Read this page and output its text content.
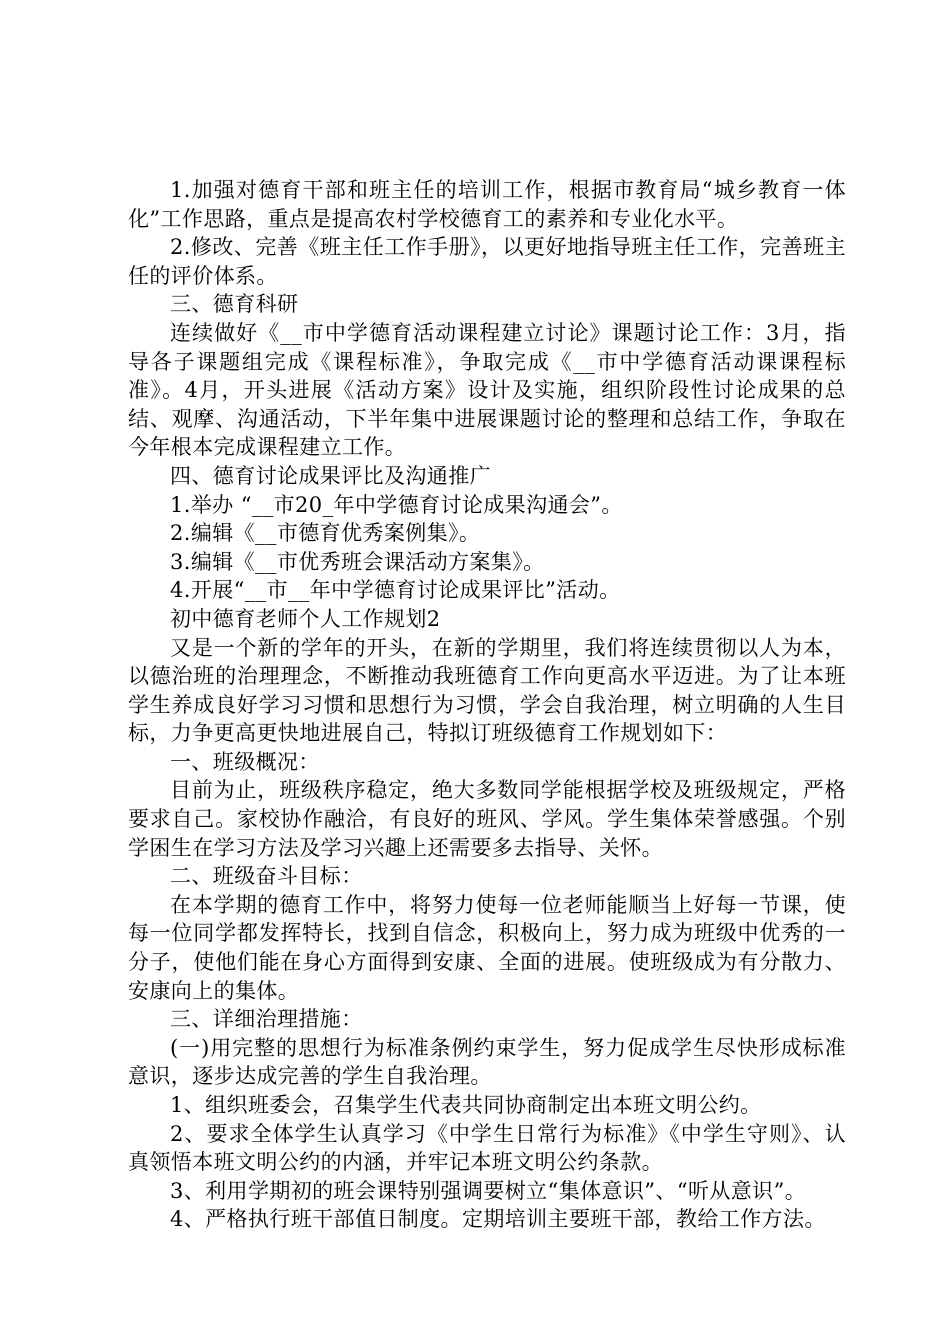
1.加强对德育干部和班主任的培训工作，根据市教育局“城乡教育一体化”工作思路，重点是提高农村学校德育工的素养和专业化水平。

2.修改、完善《班主任工作手册》，以更好地指导班主任工作，完善班主任的评价体系。

三、德育科研

连续做好《__市中学德育活动课程建立讨论》课题讨论工作：3月，指导各子课题组完成《课程标准》，争取完成《__市中学德育活动课课程标准》。4月，开头进展《活动方案》设计及实施，组织阶段性讨论成果的总结、观摩、沟通活动，下半年集中进展课题讨论的整理和总结工作，争取在今年根本完成课程建立工作。

四、德育讨论成果评比及沟通推广

1.举办 “__市20_年中学德育讨论成果沟通会”。

2.编辑《__市德育优秀案例集》。

3.编辑《__市优秀班会课活动方案集》。

4.开展“__市__年中学德育讨论成果评比”活动。

初中德育老师个人工作规划2

又是一个新的学年的开头，在新的学期里，我们将连续贯彻以人为本，以德治班的治理理念，不断推动我班德育工作向更高水平迈进。为了让本班学生养成良好学习习惯和思想行为习惯，学会自我治理，树立明确的人生目标，力争更高更快地进展自己，特拟订班级德育工作规划如下：

一、班级概况：

目前为止，班级秩序稳定，绝大多数同学能根据学校及班级规定，严格要求自己。家校协作融洽，有良好的班风、学风。学生集体荣誉感强。个别学困生在学习方法及学习兴趣上还需要多去指导、关怀。

二、班级奋斗目标：

在本学期的德育工作中，将努力使每一位老师能顺当上好每一节课，使每一位同学都发挥特长，找到自信念，积极向上，努力成为班级中优秀的一分子，使他们能在身心方面得到安康、全面的进展。使班级成为有分散力、安康向上的集体。

三、详细治理措施：

(一)用完整的思想行为标准条例约束学生，努力促成学生尽快形成标准意识，逐步达成完善的学生自我治理。

1、组织班委会，召集学生代表共同协商制定出本班文明公约。

2、要求全体学生认真学习《中学生日常行为标准》《中学生守则》、认真领悟本班文明公约的内涵，并牢记本班文明公约条款。

3、利用学期初的班会课特别强调要树立“集体意识”、“听从意识”。

4、严格执行班干部值日制度。定期培训主要班干部，教给工作方法。
